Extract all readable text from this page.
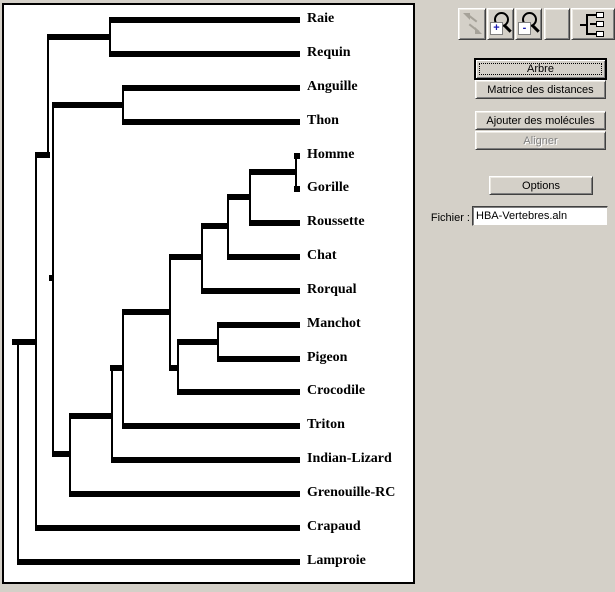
Raie
Requin
Anguille
Thon
Homme
Gorille
Roussette
Chat
Rorqual
Manchot
Pigeon
Crocodile
Triton
Indian-Lizard
Grenouille-RC
Crapaud
Lamproie
+	-
Arbre
Matrice des distances
Ajouter des molécules
Aligner
Options
Fichier : HBA-Vertebres.aln
